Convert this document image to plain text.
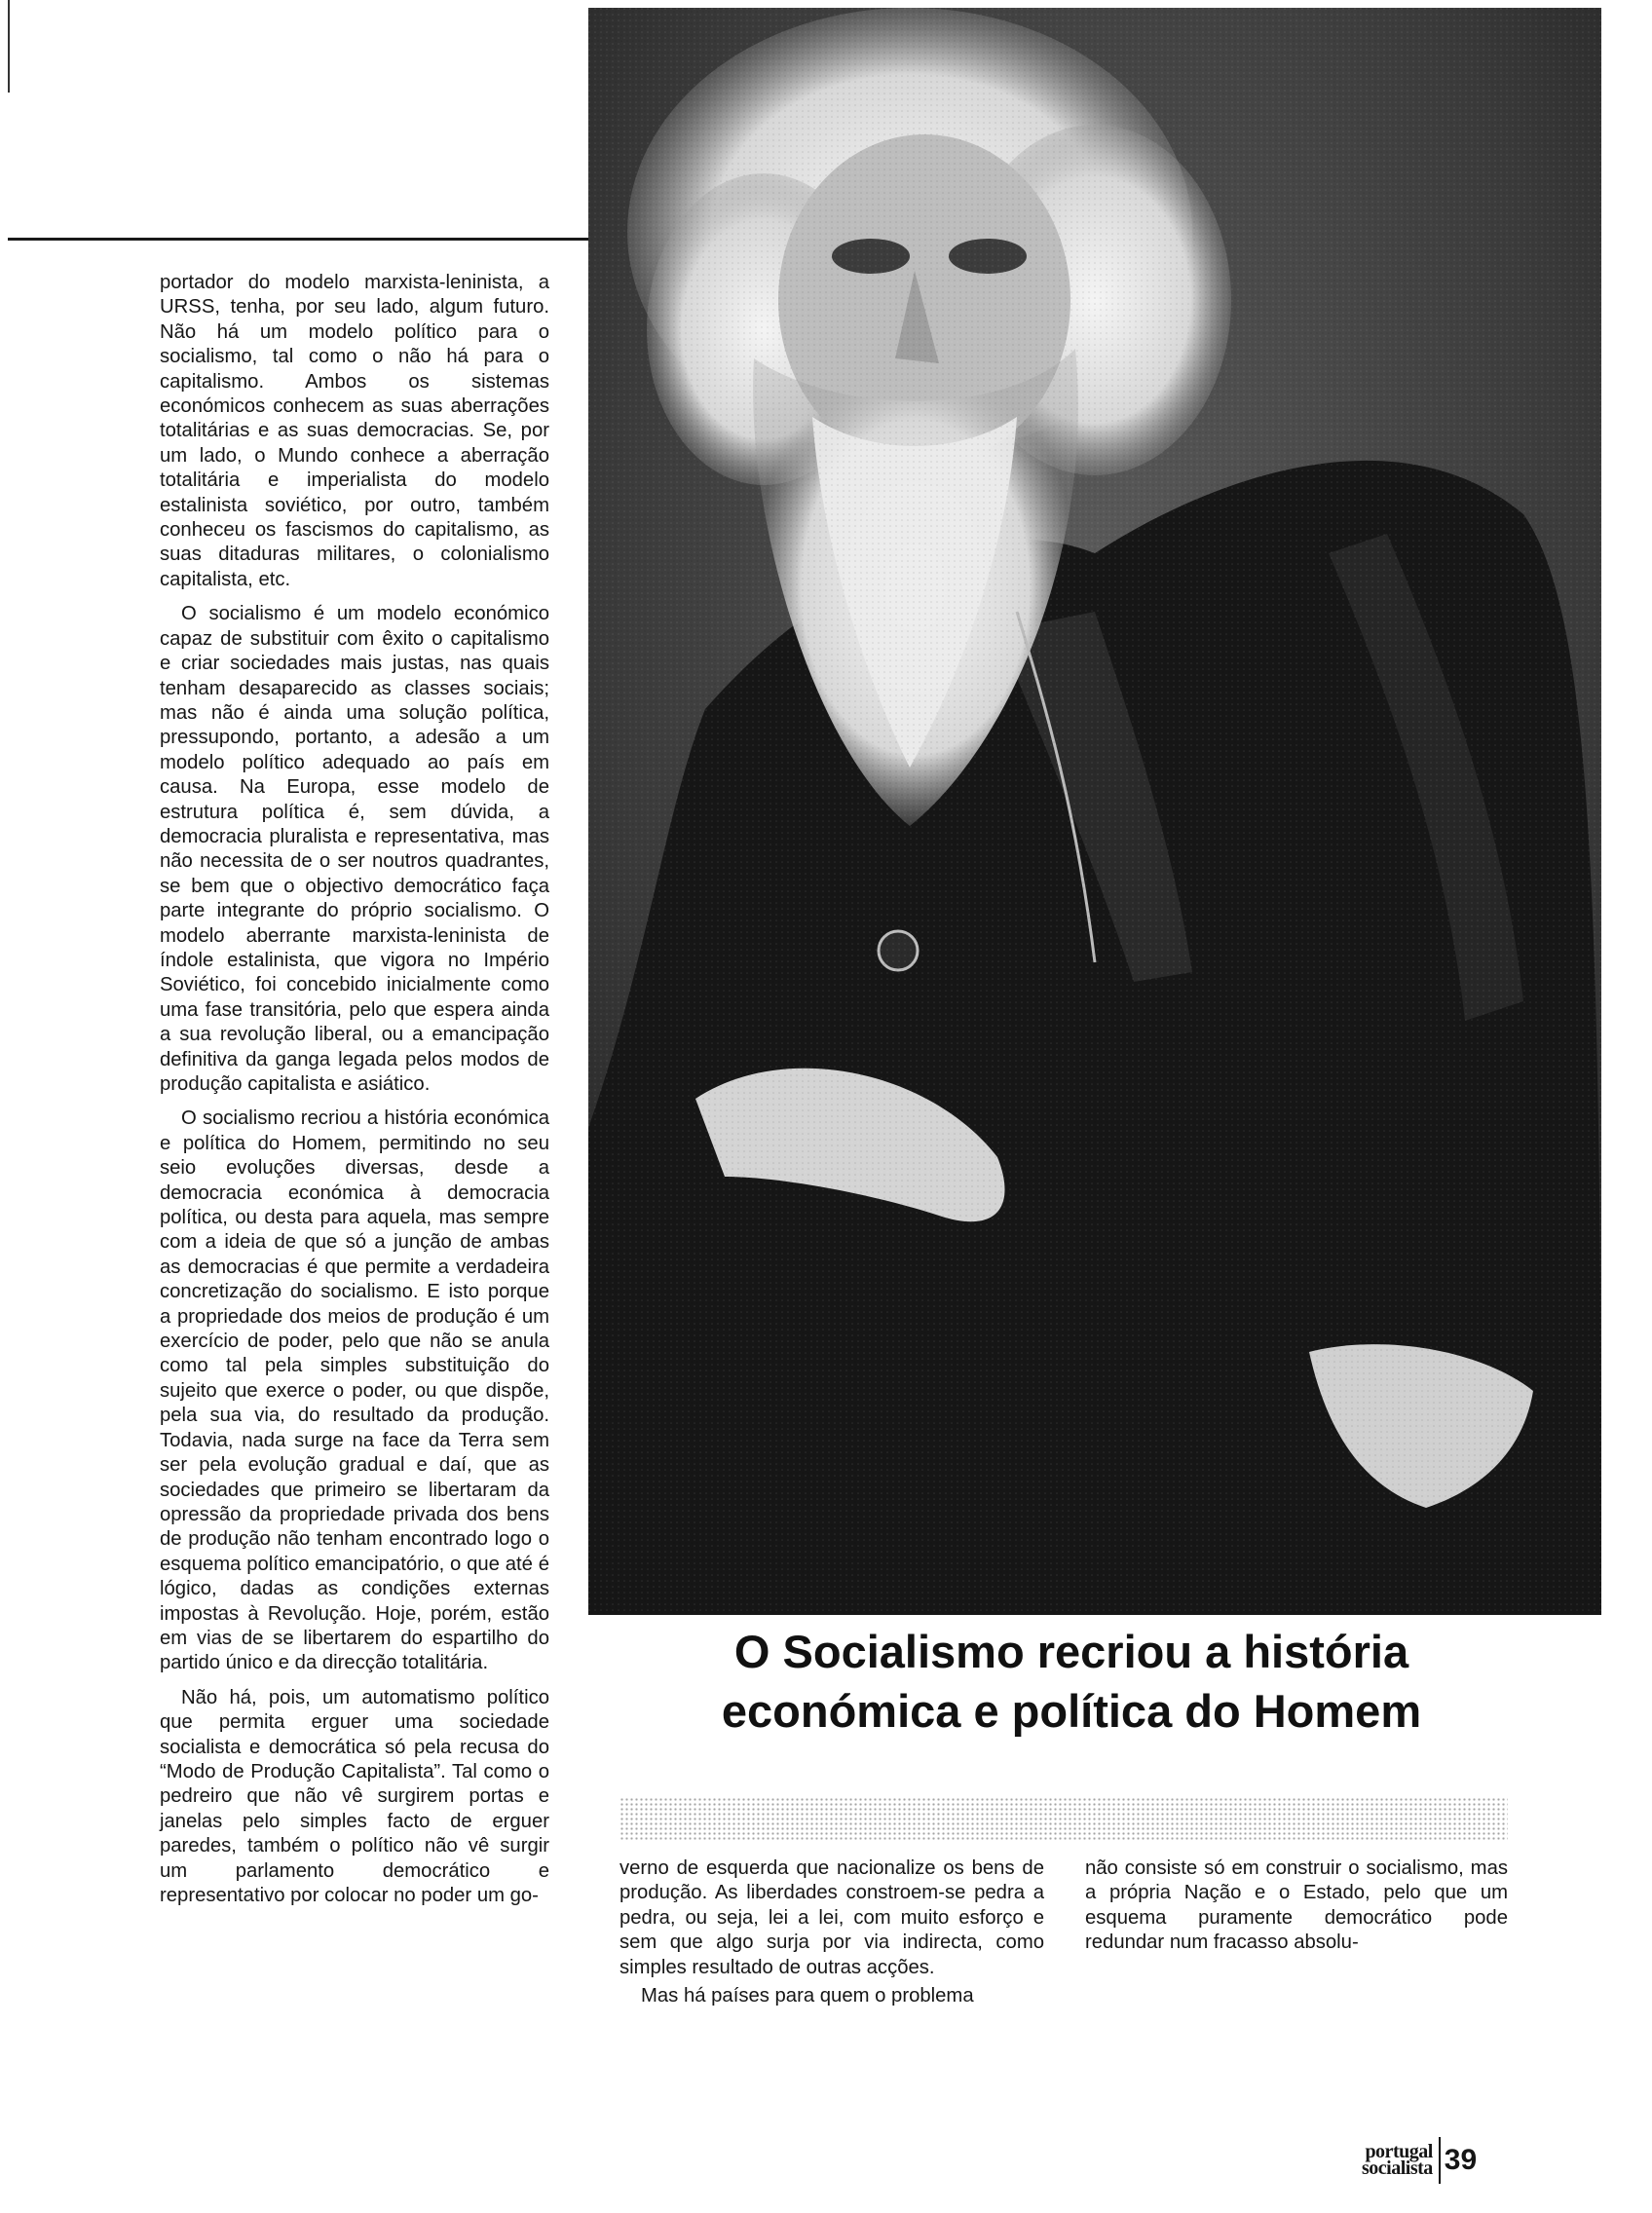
portador do modelo marxista-leninista, a URSS, tenha, por seu lado, algum futuro. Não há um modelo político para o socialismo, tal como o não há para o capitalismo. Ambos os sistemas económicos conhecem as suas aberrações totalitárias e as suas democracias. Se, por um lado, o Mundo conhece a aberração totalitária e imperialista do modelo estalinista soviético, por outro, também conheceu os fascismos do capitalismo, as suas ditaduras militares, o colonialismo capitalista, etc.

O socialismo é um modelo económico capaz de substituir com êxito o capitalismo e criar sociedades mais justas, nas quais tenham desaparecido as classes sociais; mas não é ainda uma solução política, pressupondo, portanto, a adesão a um modelo político adequado ao país em causa. Na Europa, esse modelo de estrutura política é, sem dúvida, a democracia pluralista e representativa, mas não necessita de o ser noutros quadrantes, se bem que o objectivo democrático faça parte integrante do próprio socialismo. O modelo aberrante marxista-leninista de índole estalinista, que vigora no Império Soviético, foi concebido inicialmente como uma fase transitória, pelo que espera ainda a sua revolução liberal, ou a emancipação definitiva da ganga legada pelos modos de produção capitalista e asiático.

O socialismo recriou a história económica e política do Homem, permitindo no seu seio evoluções diversas, desde a democracia económica à democracia política, ou desta para aquela, mas sempre com a ideia de que só a junção de ambas as democracias é que permite a verdadeira concretização do socialismo. E isto porque a propriedade dos meios de produção é um exercício de poder, pelo que não se anula como tal pela simples substituição do sujeito que exerce o poder, ou que dispõe, pela sua via, do resultado da produção. Todavia, nada surge na face da Terra sem ser pela evolução gradual e daí, que as sociedades que primeiro se libertaram da opressão da propriedade privada dos bens de produção não tenham encontrado logo o esquema político emancipatório, o que até é lógico, dadas as condições externas impostas à Revolução. Hoje, porém, estão em vias de se libertarem do espartilho do partido único e da direcção totalitária.

Não há, pois, um automatismo político que permita erguer uma sociedade socialista e democrática só pela recusa do “Modo de Produção Capitalista”. Tal como o pedreiro que não vê surgirem portas e janelas pelo simples facto de erguer paredes, também o político não vê surgir um parlamento democrático e representativo por colocar no poder um go-

O Socialismo recriou a história económica e política do Homem

verno de esquerda que nacionalize os bens de produção. As liberdades constroem-se pedra a pedra, ou seja, lei a lei, com muito esforço e sem que algo surja por via indirecta, como simples resultado de outras acções.

Mas há países para quem o problema

não consiste só em construir o socialismo, mas a própria Nação e o Estado, pelo que um esquema puramente democrático pode redundar num fracasso absolu-

portugal
socialista 39
